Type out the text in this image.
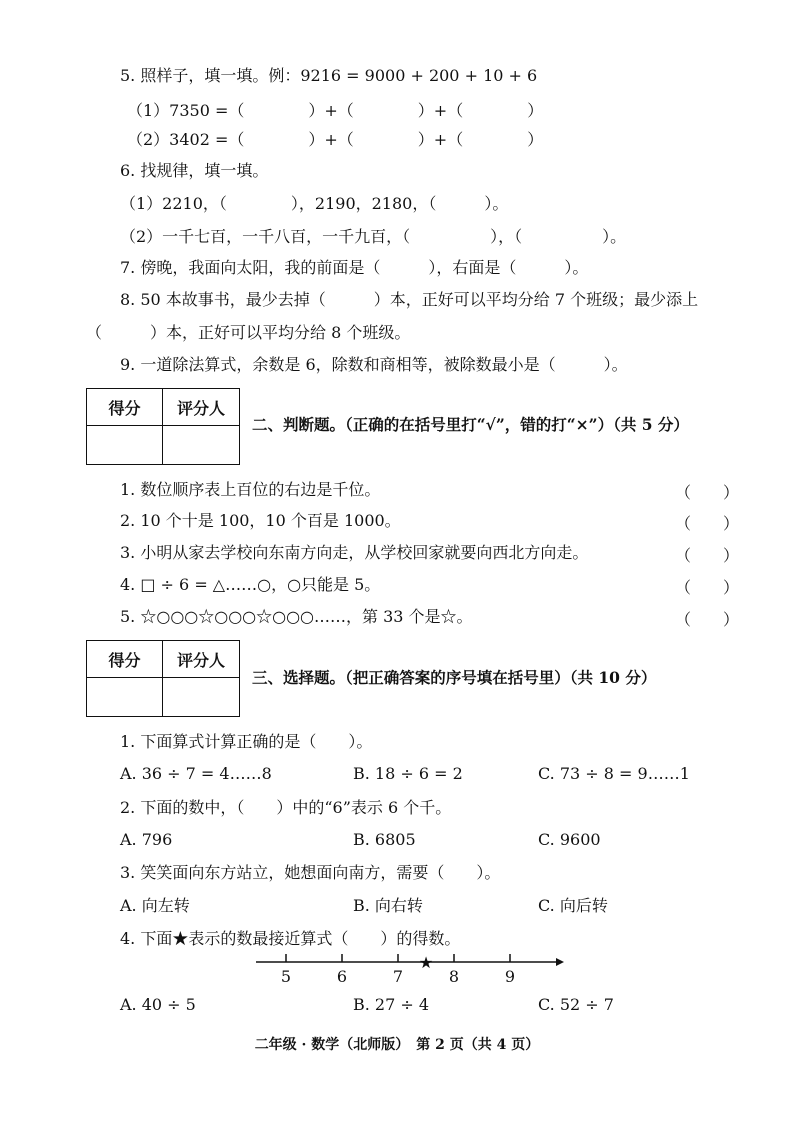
5. 照样子，填一填。例：9216 = 9000 + 200 + 10 + 6
（1）7350 =（　　　　）+（　　　　）+（　　　　）
（2）3402 =（　　　　）+（　　　　）+（　　　　）
6. 找规律，填一填。
（1）2210，（　　　　），2190，2180，（　　　）。
（2）一千七百，一千八百，一千九百，（　　　　　），（　　　　　）。
7. 傍晚，我面向太阳，我的前面是（　　　），右面是（　　　）。
8. 50 本故事书，最少去掉（　　　）本，正好可以平均分给 7 个班级；最少添上
（　　　）本，正好可以平均分给 8 个班级。
9. 一道除法算式，余数是 6，除数和商相等，被除数最小是（　　　）。
得分	评分人
二、判断题。（正确的在括号里打“√”，错的打“×”）（共 5 分）
1. 数位顺序表上百位的右边是千位。	（　　）
2. 10 个十是 100，10 个百是 1000。	（　　）
3. 小明从家去学校向东南方向走，从学校回家就要向西北方向走。	（　　）
4. □ ÷ 6 = △……○，○只能是 5。	（　　）
5. ☆○○○☆○○○☆○○○……，第 33 个是☆。	（　　）
得分	评分人
三、选择题。（把正确答案的序号填在括号里）（共 10 分）
1. 下面算式计算正确的是（　　）。
A. 36 ÷ 7 = 4……8	B. 18 ÷ 6 = 2	C. 73 ÷ 8 = 9……1
2. 下面的数中，（　　）中的“6”表示 6 个千。
A. 796	B. 6805	C. 9600
3. 笑笑面向东方站立，她想面向南方，需要（　　）。
A. 向左转	B. 向右转	C. 向后转
4. 下面★表示的数最接近算式（　　）的得数。
5	6	7	8	9
★
A. 40 ÷ 5	B. 27 ÷ 4	C. 52 ÷ 7
二年级 · 数学（北师版）　第 2 页（共 4 页）
